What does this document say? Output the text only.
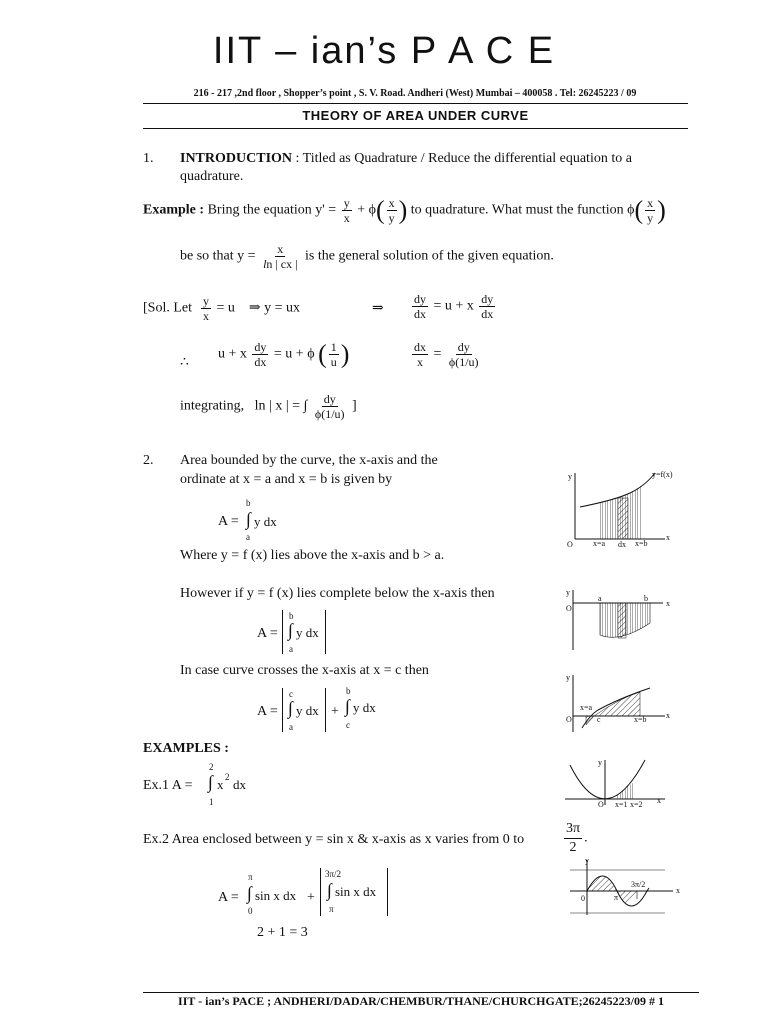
IIT – ian’s P A C E
216 - 217 ,2nd floor , Shopper’s point , S. V. Road. Andheri (West) Mumbai – 400058 . Tel: 26245223 / 09
THEORY OF AREA UNDER CURVE
1. INTRODUCTION : Titled as Quadrature / Reduce the differential equation to a
quadrature.
Example : Bring the equation $y' = \frac{y}{x} + \phi( \frac{x}{y}$ ) to quadrature. What must the function $\phi( \frac{x}{y}$ )
be so that $y = \frac{x}{\ln | cx |}$ is the general solution of the given equation.
[Sol. Let $\frac{y}{x} = u$ ⇒ y = ux	⇒ $\frac{dy}{dx} = u + x \frac{dy}{dx}$
∴
u + x $\frac{dy}{dx} = u + \phi$ ( $\frac{1}{u}$ )	$\frac{dx}{x} = \frac{dy}{\phi(1/u)}$
integrating, ln | x | = ∫ $\frac{dy}{\phi(1/u)}$ ]
2. Area bounded by the curve, the x-axis and the
ordinate at x = a and x = b is given by
b
A = ∫ y dx
a
Where y = f (x) lies above the x-axis and b > a.
However if y = f (x) lies complete below the x-axis then
A =
b
∫ y dx
a
In case curve crosses the x-axis at x = c then
A =
c
∫ y dx
a
+
b
∫ y dx
c
EXAMPLES :
Ex.1 A =
2
∫ x 2 dx
1
Ex.2 Area enclosed between y = sin x & x-axis as x varies from 0 to	$\frac{3\pi}{2}$ .
A =
π
∫ sin x dx
0
+
3π/2
∫ sin x dx
π
2 + 1 = 3
y	y=f(x)
O	x=a dx x=b
x
y
O
a	b
x
y
O
x=a
c	x=b x
y
O x=1 x=2 x
y
0	π
3π/2
x
IIT - ian’s PACE ; ANDHERI/DADAR/CHEMBUR/THANE/CHURCHGATE;26245223/09 # 1
